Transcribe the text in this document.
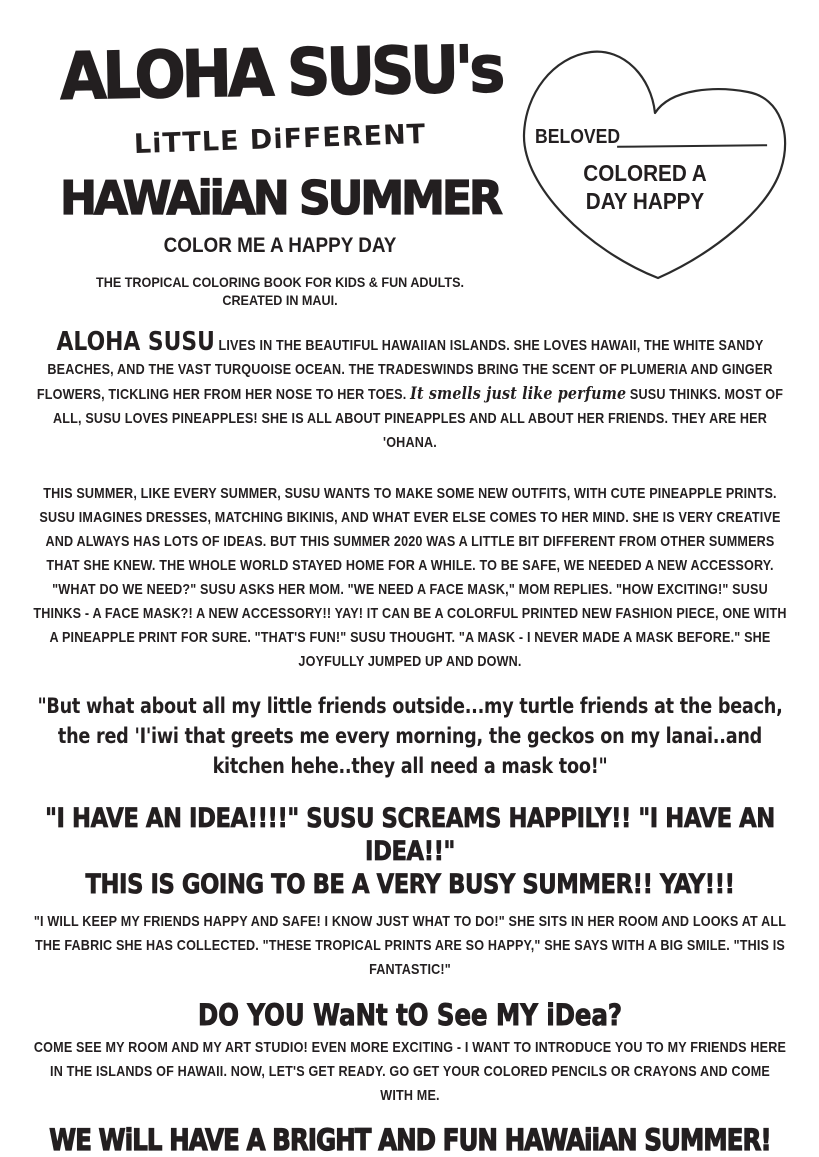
ALOHA SUSU's
LiTTLE DiFFERENT
HAWAiiAN SUMMER
COLOR ME A HAPPY DAY
THE TROPICAL COLORING BOOK FOR KIDS & FUN ADULTS.
CREATED IN MAUI.
BELOVED
COLORED A
DAY HAPPY

ALOHA SUSU LIVES IN THE BEAUTIFUL HAWAIIAN ISLANDS. SHE LOVES HAWAII, THE WHITE SANDY BEACHES, AND THE VAST TURQUOISE OCEAN. THE TRADESWINDS BRING THE SCENT OF PLUMERIA AND GINGER FLOWERS, TICKLING HER FROM HER NOSE TO HER TOES. It smells just like perfume SUSU THINKS. MOST OF ALL, SUSU LOVES PINEAPPLES! SHE IS ALL ABOUT PINEAPPLES AND ALL ABOUT HER FRIENDS. THEY ARE HER 'OHANA.

THIS SUMMER, LIKE EVERY SUMMER, SUSU WANTS TO MAKE SOME NEW OUTFITS, WITH CUTE PINEAPPLE PRINTS. SUSU IMAGINES DRESSES, MATCHING BIKINIS, AND WHAT EVER ELSE COMES TO HER MIND. SHE IS VERY CREATIVE AND ALWAYS HAS LOTS OF IDEAS. BUT THIS SUMMER 2020 WAS A LITTLE BIT DIFFERENT FROM OTHER SUMMERS THAT SHE KNEW. THE WHOLE WORLD STAYED HOME FOR A WHILE. TO BE SAFE, WE NEEDED A NEW ACCESSORY. "WHAT DO WE NEED?" SUSU ASKS HER MOM. "WE NEED A FACE MASK," MOM REPLIES. "HOW EXCITING!" SUSU THINKS - A FACE MASK?! A NEW ACCESSORY!! YAY! IT CAN BE A COLORFUL PRINTED NEW FASHION PIECE, ONE WITH A PINEAPPLE PRINT FOR SURE. "THAT'S FUN!" SUSU THOUGHT. "A MASK - I NEVER MADE A MASK BEFORE." SHE JOYFULLY JUMPED UP AND DOWN.

"But what about all my little friends outside...my turtle friends at the beach, the red 'I'iwi that greets me every morning, the geckos on my lanai..and kitchen hehe..they all need a mask too!"

"I HAVE AN IDEA!!!!" SUSU SCREAMS HAPPILY!! "I HAVE AN IDEA!!"
THIS IS GOING TO BE A VERY BUSY SUMMER!! YAY!!!

"I WILL KEEP MY FRIENDS HAPPY AND SAFE! I KNOW JUST WHAT TO DO!" SHE SITS IN HER ROOM AND LOOKS AT ALL THE FABRIC SHE HAS COLLECTED. "THESE TROPICAL PRINTS ARE SO HAPPY," SHE SAYS WITH A BIG SMILE. "THIS IS FANTASTIC!"

DO YOU WaNt tO See MY iDea?

COME SEE MY ROOM AND MY ART STUDIO! EVEN MORE EXCITING - I WANT TO INTRODUCE YOU TO MY FRIENDS HERE IN THE ISLANDS OF HAWAII. NOW, LET'S GET READY. GO GET YOUR COLORED PENCILS OR CRAYONS AND COME WITH ME.

WE WiLL HAVE A BRIGHT AND FUN HAWAiiAN SUMMER!
